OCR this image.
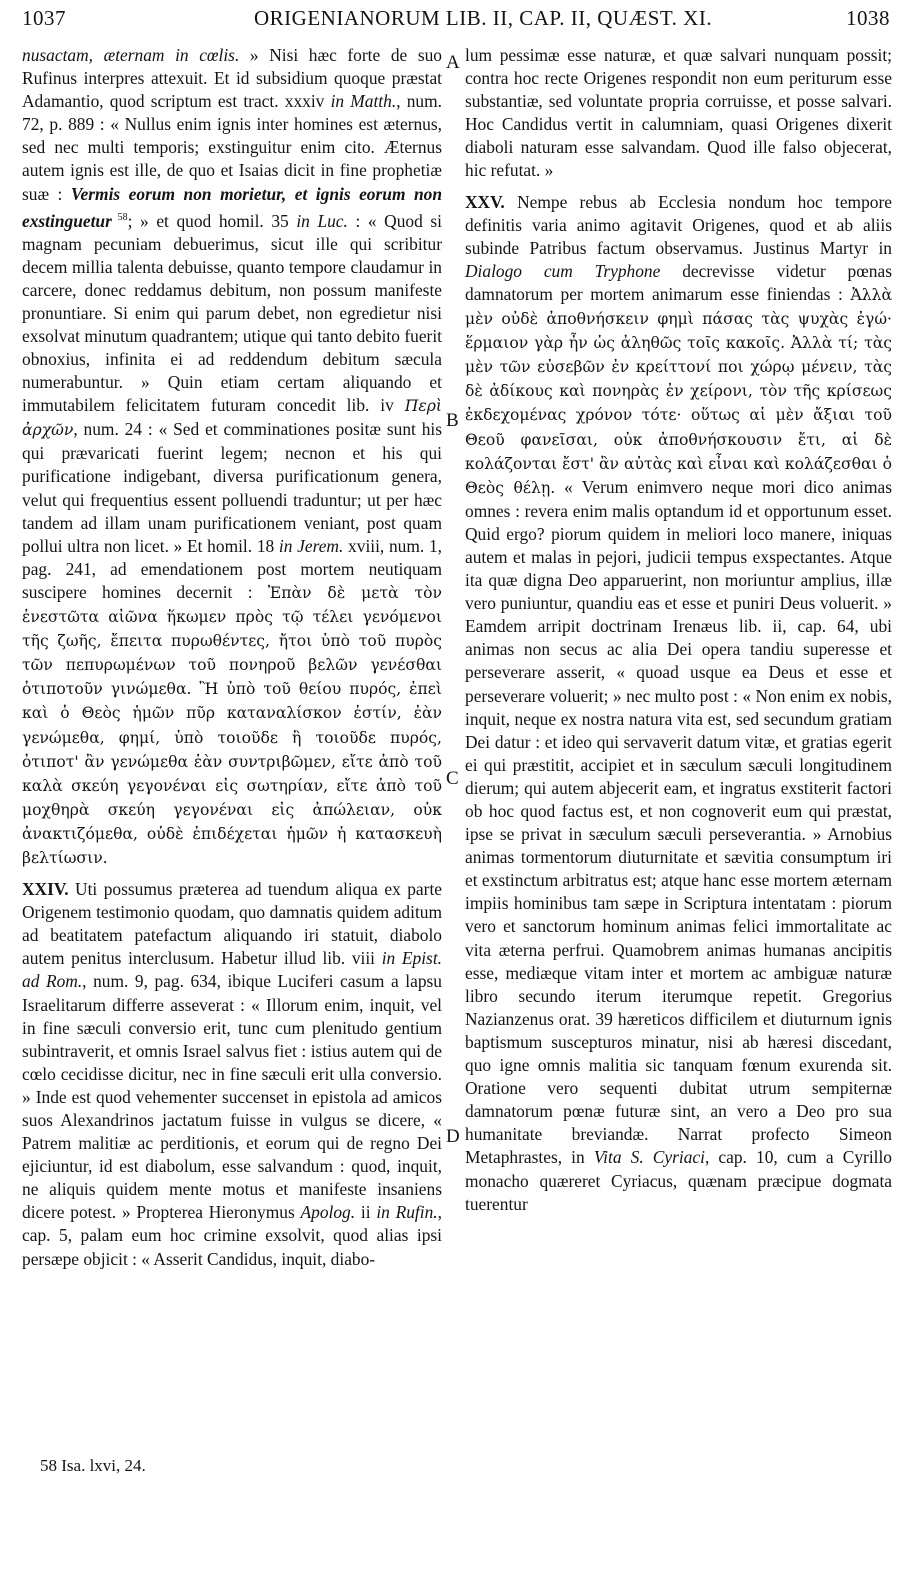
1037	ORIGENIANORUM LIB. II, CAP. II, QUÆST. XI.	1038

nusactam, æternam in cœlis. » Nisi hæc forte de suo Rufinus interpres attexuit. Et id subsidium quoque præstat Adamantio, quod scriptum est tract. xxxiv in Matth., num. 72, p. 889 : « Nullus enim ignis inter homines est æternus, sed nec multi temporis; exstinguitur enim cito. Æternus autem ignis est ille, de quo et Isaias dicit in fine prophetiæ suæ : Vermis eorum non morietur, et ignis eorum non exstinguetur $^{58}$; » et quod homil. 35 in Luc. : « Quod si magnam pecuniam debuerimus, sicut ille qui scribitur decem millia talenta debuisse, quanto tempore claudamur in carcere, donec reddamus debitum, non possum manifeste pronuntiare. Si enim qui parum debet, non egredietur nisi exsolvat minutum quadrantem; utique qui tanto debito fuerit obnoxius, infinita ei ad reddendum debitum sæcula numerabuntur. » Quin etiam certam aliquando et immutabilem felicitatem futuram concedit lib. iv Περὶ ἀρχῶν, num. 24 : « Sed et comminationes positæ sunt his qui prævaricati fuerint legem; necnon et his qui purificatione indigebant, diversa purificationum genera, velut qui frequentius essent polluendi traduntur; ut per hæc tandem ad illam unam purificationem veniant, post quam pollui ultra non licet. » Et homil. 18 in Jerem. xviii, num. 1, pag. 241, ad emendationem post mortem neutiquam suscipere homines decernit : Ἐπὰν δὲ μετὰ τὸν ἐνεστῶτα αἰῶνα ἥκωμεν πρὸς τῷ τέλει γενόμενοι τῆς ζωῆς, ἔπειτα πυρωθέντες, ἤτοι ὑπὸ τοῦ πυρὸς τῶν πεπυρωμένων τοῦ πονηροῦ βελῶν γενέσθαι ὀτιποτοῦν γινώμεθα. Ἢ ὑπὸ τοῦ θείου πυρός, ἐπεὶ καὶ ὁ Θεὸς ἡμῶν πῦρ καταναλίσκον ἐστίν, ἐὰν γενώμεθα, φημί, ὑπὸ τοιοῦδε ἢ τοιοῦδε πυρός, ὀτιποτ' ἂν γενώμεθα ἐὰν συντριβῶμεν, εἴτε ἀπὸ τοῦ καλὰ σκεύη γεγονέναι εἰς σωτηρίαν, εἴτε ἀπὸ τοῦ μοχθηρὰ σκεύη γεγονέναι εἰς ἀπώλειαν, οὐκ ἀνακτιζόμεθα, οὐδὲ ἐπιδέχεται ἡμῶν ἡ κατασκευὴ βελτίωσιν.

XXIV. Uti possumus præterea ad tuendum aliqua ex parte Origenem testimonio quodam, quo damnatis quidem aditum ad beatitatem patefactum aliquando iri statuit, diabolo autem penitus interclusum. Habetur illud lib. viii in Epist. ad Rom., num. 9, pag. 634, ibique Luciferi casum a lapsu Israelitarum differre asseverat : « Illorum enim, inquit, vel in fine sæculi conversio erit, tunc cum plenitudo gentium subintraverit, et omnis Israel salvus fiet : istius autem qui de cœlo cecidisse dicitur, nec in fine sæculi erit ulla conversio. » Inde est quod vehementer succenset in epistola ad amicos suos Alexandrinos jactatum fuisse in vulgus se dicere, « Patrem malitiæ ac perditionis, et eorum qui de regno Dei ejiciuntur, id est diabolum, esse salvandum : quod, inquit, ne aliquis quidem mente motus et manifeste insaniens dicere potest. » Propterea Hieronymus Apolog. ii in Rufin., cap. 5, palam eum hoc crimine exsolvit, quod alias ipsi persæpe objicit : « Asserit Candidus, inquit, diabo-

lum pessimæ esse naturæ, et quæ salvari nunquam possit; contra hoc recte Origenes respondit non eum periturum esse substantiæ, sed voluntate propria corruisse, et posse salvari. Hoc Candidus vertit in calumniam, quasi Origenes dixerit diaboli naturam esse salvandam. Quod ille falso objecerat, hic refutat. »

XXV. Nempe rebus ab Ecclesia nondum hoc tempore definitis varia animo agitavit Origenes, quod et ab aliis subinde Patribus factum observamus. Justinus Martyr in Dialogo cum Tryphone decrevisse videtur pœnas damnatorum per mortem animarum esse finiendas : Ἀλλὰ μὲν οὐδὲ ἀποθνήσκειν φημὶ πάσας τὰς ψυχὰς ἐγώ· ἕρμαιον γὰρ ἦν ὡς ἀληθῶς τοῖς κακοῖς. Ἀλλὰ τί; τὰς μὲν τῶν εὐσεβῶν ἐν κρείττονί ποι χώρῳ μένειν, τὰς δὲ ἀδίκους καὶ πονηρὰς ἐν χείρονι, τὸν τῆς κρίσεως ἐκδεχομένας χρόνον τότε· οὕτως αἱ μὲν ἄξιαι τοῦ Θεοῦ φανεῖσαι, οὐκ ἀποθνήσκουσιν ἔτι, αἱ δὲ κολάζονται ἔστ' ἂν αὐτὰς καὶ εἶναι καὶ κολάζεσθαι ὁ Θεὸς θέλῃ. « Verum enimvero neque mori dico animas omnes : revera enim malis optandum id et opportunum esset. Quid ergo? piorum quidem in meliori loco manere, iniquas autem et malas in pejori, judicii tempus exspectantes. Atque ita quæ digna Deo apparuerint, non moriuntur amplius, illæ vero puniuntur, quandiu eas et esse et puniri Deus voluerit. » Eamdem arripit doctrinam Irenæus lib. ii, cap. 64, ubi animas non secus ac alia Dei opera tandiu superesse et perseverare asserit, « quoad usque ea Deus et esse et perseverare voluerit; » nec multo post : « Non enim ex nobis, inquit, neque ex nostra natura vita est, sed secundum gratiam Dei datur : et ideo qui servaverit datum vitæ, et gratias egerit ei qui præstitit, accipiet et in sæculum sæculi longitudinem dierum; qui autem abjecerit eam, et ingratus exstiterit factori ob hoc quod factus est, et non cognoverit eum qui præstat, ipse se privat in sæculum sæculi perseverantia. » Arnobius animas tormentorum diuturnitate et sævitia consumptum iri et exstinctum arbitratus est; atque hanc esse mortem æternam impiis hominibus tam sæpe in Scriptura intentatam : piorum vero et sanctorum hominum animas felici immortalitate ac vita æterna perfrui. Quamobrem animas humanas ancipitis esse, mediæque vitam inter et mortem ac ambiguæ naturæ libro secundo iterum iterumque repetit. Gregorius Nazianzenus orat. 39 hæreticos difficilem et diuturnum ignis baptismum suscepturos minatur, nisi ab hæresi discedant, quo igne omnis malitia sic tanquam fœnum exurenda sit. Oratione vero sequenti dubitat utrum sempiternæ damnatorum pœnæ futuræ sint, an vero a Deo pro sua humanitate breviandæ. Narrat profecto Simeon Metaphrastes, in Vita S. Cyriaci, cap. 10, cum a Cyrillo monacho quæreret Cyriacus, quænam præcipue dogmata tuerentur

A
B
C
D
58 Isa. lxvi, 24.
